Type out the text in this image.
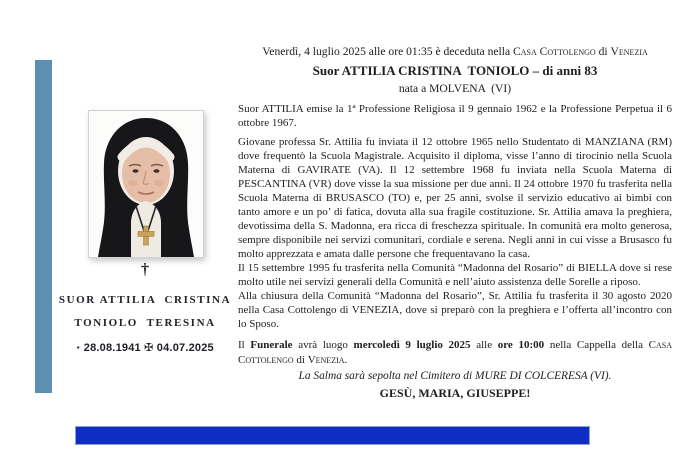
†
SUOR ATTILIA  CRISTINA
TONIOLO  TERESINA
· 28.08.1941 ✠ 04.07.2025

Venerdì, 4 luglio 2025 alle ore 01:35 è deceduta nella Casa Cottolengo di Venezia

Suor ATTILIA CRISTINA  TONIOLO – di anni 83

nata a MOLVENA  (VI)

Suor ATTILIA emise la 1ª Professione Religiosa il 9 gennaio 1962 e la Professione Perpetua il 6 ottobre 1967.

Giovane professa Sr. Attilia fu inviata il 12 ottobre 1965 nello Studentato di MANZIANA (RM) dove frequentò la Scuola Magistrale. Acquisito il diploma, visse l’anno di tirocinio nella Scuola Materna di GAVIRATE (VA). Il 12 settembre 1968 fu inviata nella Scuola Materna di PESCANTINA (VR) dove visse la sua missione per due anni. Il 24 ottobre 1970 fu trasferita nella Scuola Materna di BRUSASCO (TO) e, per 25 anni, svolse il servizio educativo ai bimbi con tanto amore e un po’ di fatica, dovuta alla sua fragile costituzione. Sr. Attilia amava la preghiera, devotissima della S. Madonna, era ricca di freschezza spirituale. In comunità era molto generosa, sempre disponibile nei servizi comunitari, cordiale e serena. Negli anni in cui visse a Brusasco fu molto apprezzata e amata dalle persone che frequentavano la casa.

Il 15 settembre 1995 fu trasferita nella Comunità “Madonna del Rosario” di BIELLA dove si rese molto utile nei servizi generali della Comunità e nell’aiuto assistenza delle Sorelle a riposo.

Alla chiusura della Comunità “Madonna del Rosario”, Sr. Attilia fu trasferita il 30 agosto 2020 nella Casa Cottolengo di VENEZIA, dove si preparò con la preghiera e l’offerta all’incontro con lo Sposo.

Il Funerale avrà luogo mercoledì 9 luglio 2025 alle ore 10:00 nella Cappella della Casa Cottolengo di Venezia.

La Salma sarà sepolta nel Cimitero di MURE DI COLCERESA (VI).

GESÙ, MARIA, GIUSEPPE!
